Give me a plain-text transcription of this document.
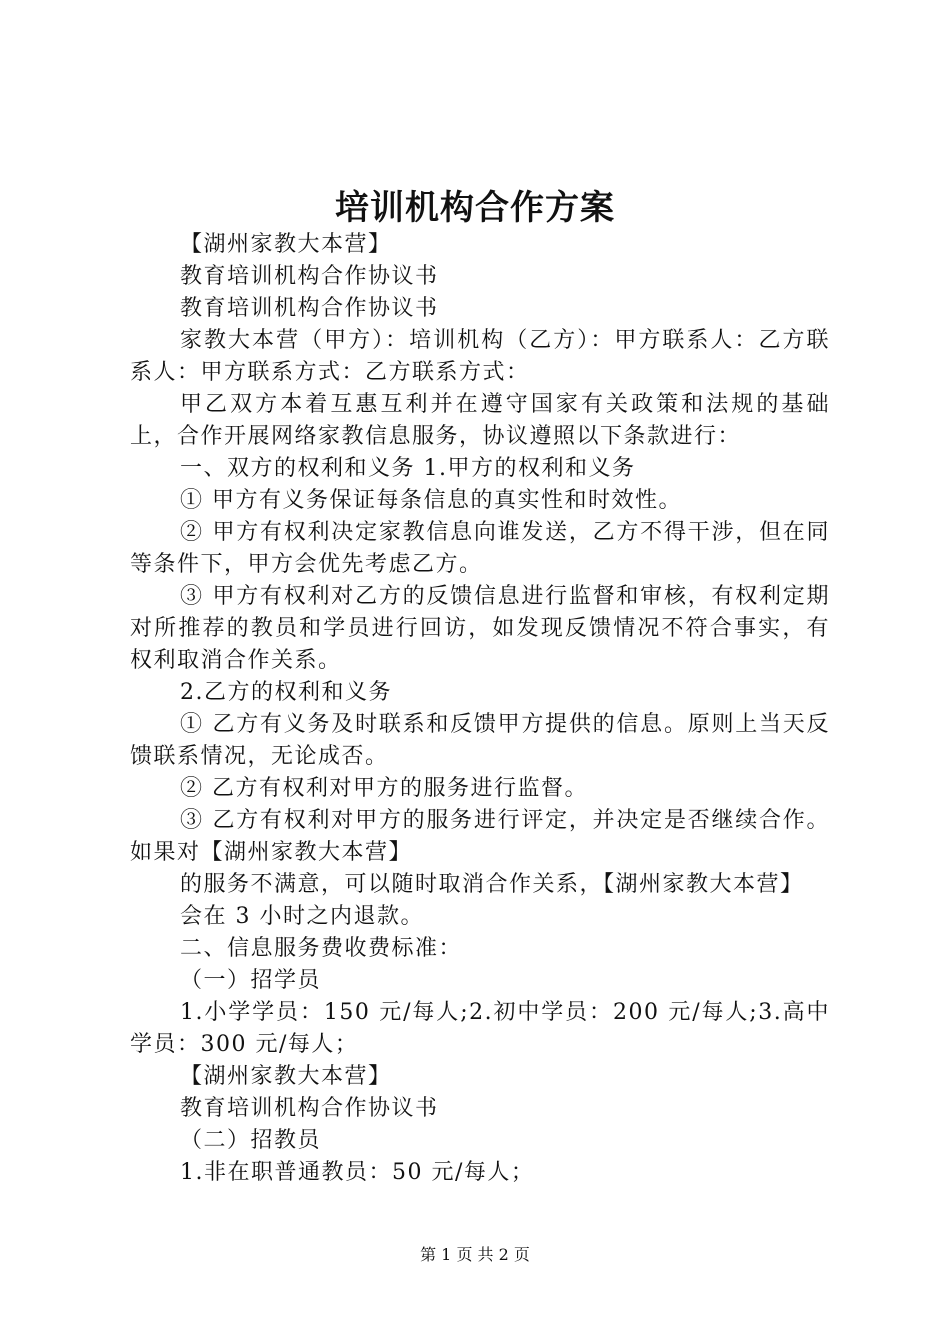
培训机构合作方案

【湖州家教大本营】

教育培训机构合作协议书

教育培训机构合作协议书

家教大本营（甲方）：培训机构（乙方）：甲方联系人：乙方联系人：甲方联系方式：乙方联系方式：

甲乙双方本着互惠互利并在遵守国家有关政策和法规的基础上，合作开展网络家教信息服务，协议遵照以下条款进行：

一、双方的权利和义务 1.甲方的权利和义务

① 甲方有义务保证每条信息的真实性和时效性。

② 甲方有权利决定家教信息向谁发送，乙方不得干涉，但在同等条件下，甲方会优先考虑乙方。

③ 甲方有权利对乙方的反馈信息进行监督和审核，有权利定期对所推荐的教员和学员进行回访，如发现反馈情况不符合事实，有权利取消合作关系。

2.乙方的权利和义务

① 乙方有义务及时联系和反馈甲方提供的信息。原则上当天反馈联系情况，无论成否。

② 乙方有权利对甲方的服务进行监督。

③ 乙方有权利对甲方的服务进行评定，并决定是否继续合作。如果对【湖州家教大本营】

的服务不满意，可以随时取消合作关系，【湖州家教大本营】

会在 3 小时之内退款。

二、信息服务费收费标准：

（一）招学员

1.小学学员：150 元/每人;2.初中学员：200 元/每人;3.高中学员：300 元/每人；

【湖州家教大本营】

教育培训机构合作协议书

（二）招教员

1.非在职普通教员：50 元/每人；

第 1 页 共 2 页
